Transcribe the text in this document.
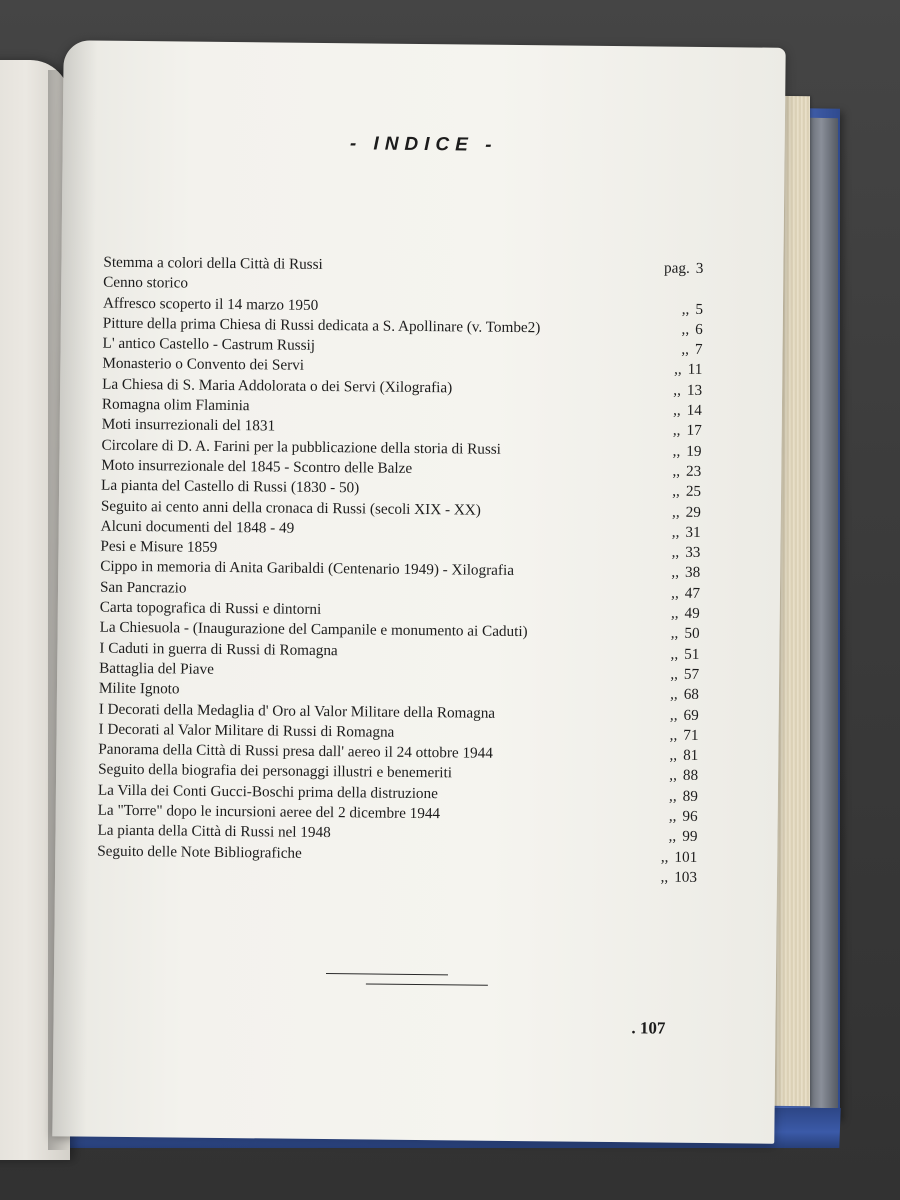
- INDICE -
Stemma a colori della Città di Russi	pag. 3
Cenno storico
Affresco scoperto il 14 marzo 1950	,, 5
Pitture della prima Chiesa di Russi dedicata a S. Apollinare (v. Tombe2)	,, 6
L' antico Castello - Castrum Russij	,, 7
Monasterio o Convento dei Servi	,, 11
La Chiesa di S. Maria Addolorata o dei Servi (Xilografia)	,, 13
Romagna olim Flaminia	,, 14
Moti insurrezionali del 1831	,, 17
Circolare di D. A. Farini per la pubblicazione della storia di Russi	,, 19
Moto insurrezionale del 1845 - Scontro delle Balze	,, 23
La pianta del Castello di Russi (1830 - 50)	,, 25
Seguito ai cento anni della cronaca di Russi (secoli XIX - XX)	,, 29
Alcuni documenti del 1848 - 49	,, 31
Pesi e Misure 1859	,, 33
Cippo in memoria di Anita Garibaldi (Centenario 1949) - Xilografia	,, 38
San Pancrazio	,, 47
Carta topografica di Russi e dintorni	,, 49
La Chiesuola - (Inaugurazione del Campanile e monumento ai Caduti)	,, 50
I Caduti in guerra di Russi di Romagna	,, 51
Battaglia del Piave	,, 57
Milite Ignoto	,, 68
I Decorati della Medaglia d' Oro al Valor Militare della Romagna	,, 69
I Decorati al Valor Militare di Russi di Romagna	,, 71
Panorama della Città di Russi presa dall' aereo il 24 ottobre 1944	,, 81
Seguito della biografia dei personaggi illustri e benemeriti	,, 88
La Villa dei Conti Gucci-Boschi prima della distruzione	,, 89
La "Torre" dopo le incursioni aeree del 2 dicembre 1944	,, 96
La pianta della Città di Russi nel 1948	,, 99
Seguito delle Note Bibliografiche	,, 101
,, 103
. 107
